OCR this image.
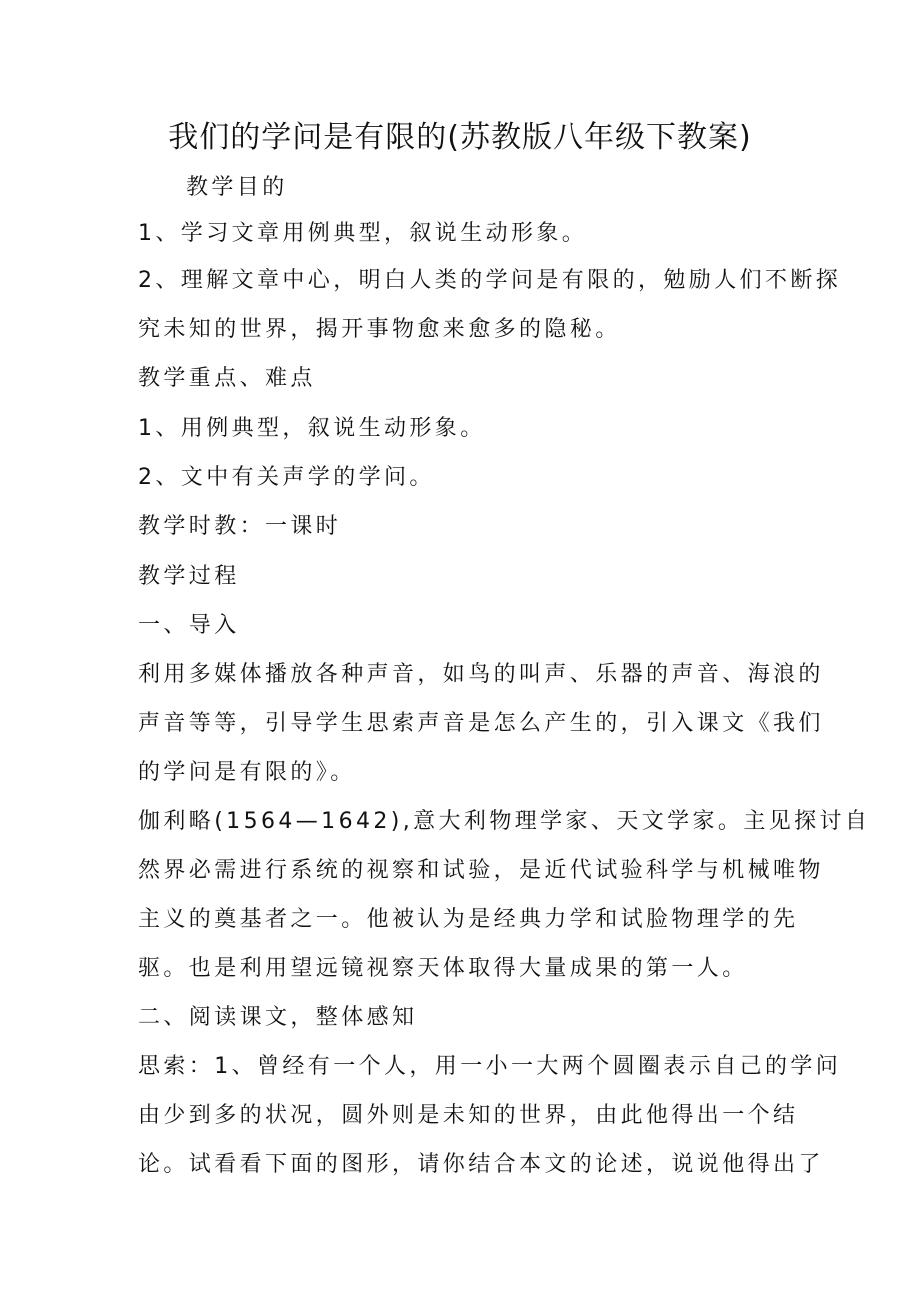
我们的学问是有限的(苏教版八年级下教案)
教学目的
1、学习文章用例典型，叙说生动形象。
2、理解文章中心，明白人类的学问是有限的，勉励人们不断探
究未知的世界，揭开事物愈来愈多的隐秘。
教学重点、难点
1、用例典型，叙说生动形象。
2、文中有关声学的学问。
教学时教：一课时
教学过程
一、导入
利用多媒体播放各种声音，如鸟的叫声、乐器的声音、海浪的
声音等等，引导学生思索声音是怎么产生的，引入课文《我们
的学问是有限的》。
伽利略(1564—1642),意大利物理学家、天文学家。主见探讨自
然界必需进行系统的视察和试验，是近代试验科学与机械唯物
主义的奠基者之一。他被认为是经典力学和试脸物理学的先
驱。也是利用望远镜视察天体取得大量成果的第一人。
二、阅读课文，整体感知
思索：1、曾经有一个人，用一小一大两个圆圈表示自己的学问
由少到多的状况，圆外则是未知的世界，由此他得出一个结
论。试看看下面的图形，请你结合本文的论述，说说他得出了
